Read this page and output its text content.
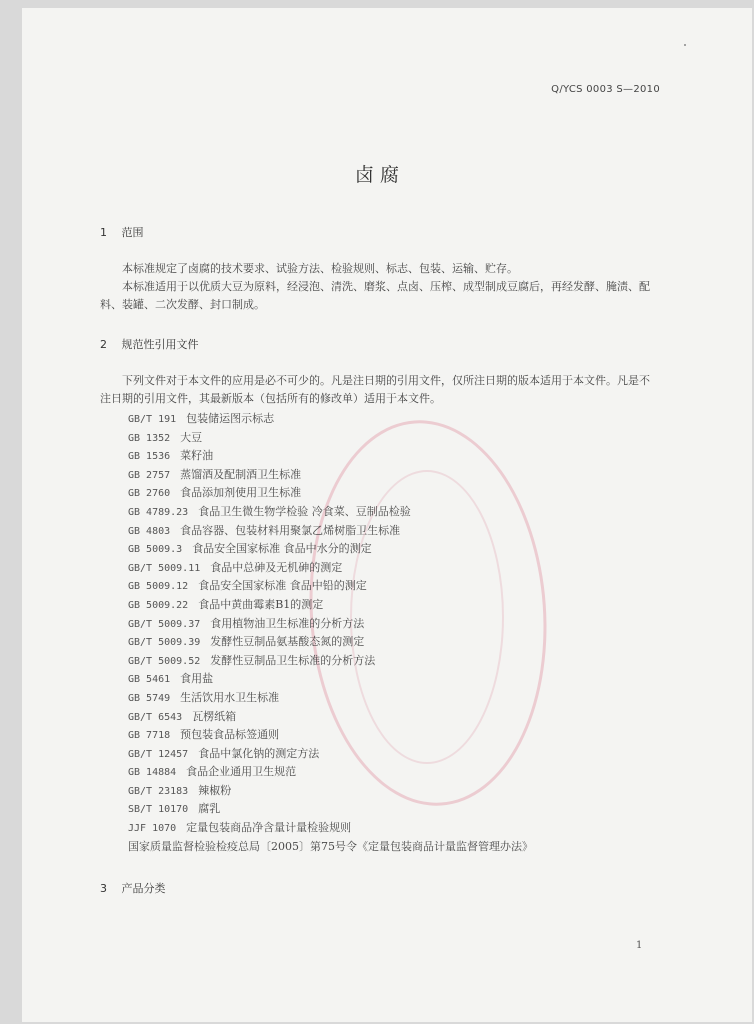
Q/YCS 0003 S—2010
卤腐
1 范围
本标准规定了卤腐的技术要求、试验方法、检验规则、标志、包装、运输、贮存。
本标准适用于以优质大豆为原料，经浸泡、清洗、磨浆、点卤、压榨、成型制成豆腐后，再经发酵、腌渍、配料、装罐、二次发酵、封口制成。
2 规范性引用文件
下列文件对于本文件的应用是必不可少的。凡是注日期的引用文件，仅所注日期的版本适用于本文件。凡是不注日期的引用文件，其最新版本（包括所有的修改单）适用于本文件。
GB/T 191 包装储运图示标志
GB 1352 大豆
GB 1536 菜籽油
GB 2757 蒸馏酒及配制酒卫生标准
GB 2760 食品添加剂使用卫生标准
GB 4789.23 食品卫生微生物学检验 冷食菜、豆制品检验
GB 4803 食品容器、包装材料用聚氯乙烯树脂卫生标准
GB 5009.3 食品安全国家标准 食品中水分的测定
GB/T 5009.11 食品中总砷及无机砷的测定
GB 5009.12 食品安全国家标准 食品中铅的测定
GB 5009.22 食品中黄曲霉素B1的测定
GB/T 5009.37 食用植物油卫生标准的分析方法
GB/T 5009.39 发酵性豆制品氨基酸态氮的测定
GB/T 5009.52 发酵性豆制品卫生标准的分析方法
GB 5461 食用盐
GB 5749 生活饮用水卫生标准
GB/T 6543 瓦楞纸箱
GB 7718 预包装食品标签通则
GB/T 12457 食品中氯化钠的测定方法
GB 14884 食品企业通用卫生规范
GB/T 23183 辣椒粉
SB/T 10170 腐乳
JJF 1070 定量包装商品净含量计量检验规则
国家质量监督检验检疫总局〔2005〕第75号令《定量包装商品计量监督管理办法》
3 产品分类
1
